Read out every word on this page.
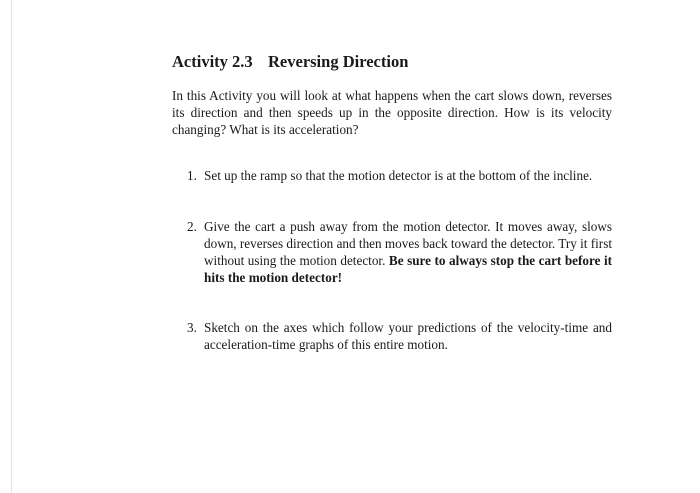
Activity 2.3 Reversing Direction

In this Activity you will look at what happens when the cart slows down, reverses its direction and then speeds up in the opposite direction. How is its velocity changing? What is its acceleration?

1. Set up the ramp so that the motion detector is at the bottom of the incline.
2. Give the cart a push away from the motion detector. It moves away, slows down, reverses direction and then moves back toward the detector. Try it first without using the motion detector. Be sure to always stop the cart before it hits the motion detector!
3. Sketch on the axes which follow your predictions of the velocity-time and acceleration-time graphs of this entire motion.
